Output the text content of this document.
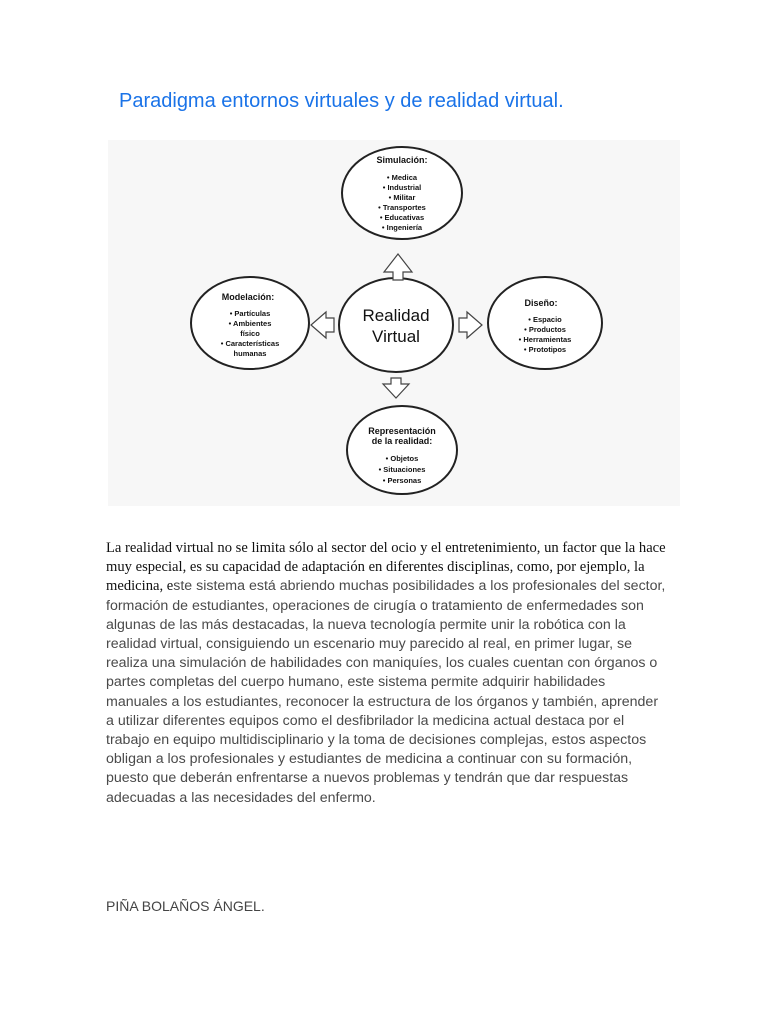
Paradigma entornos virtuales y de realidad virtual.
Realidad
Virtual
Simulación:
• Medica
• Industrial
• Militar
• Transportes
• Educativas
• Ingeniería
Modelación:
• Partículas
• Ambientes
físico
• Características
humanas
Diseño:
• Espacio
• Productos
• Herramientas
• Prototipos
Representación
de la realidad:
• Objetos
• Situaciones
• Personas

La realidad virtual no se limita sólo al sector del ocio y el entretenimiento, un factor que la hace muy especial, es su capacidad de adaptación en diferentes disciplinas, como, por ejemplo, la medicina, este sistema está abriendo muchas posibilidades a los profesionales del sector, formación de estudiantes, operaciones de cirugía o tratamiento de enfermedades son algunas de las más destacadas, la nueva tecnología permite unir la robótica con la realidad virtual, consiguiendo un escenario muy parecido al real, en primer lugar, se realiza una simulación de habilidades con maniquíes, los cuales cuentan con órganos o partes completas del cuerpo humano, este sistema permite adquirir habilidades manuales a los estudiantes, reconocer la estructura de los órganos y también, aprender a utilizar diferentes equipos como el desfibrilador la medicina actual destaca por el trabajo en equipo multidisciplinario y la toma de decisiones complejas, estos aspectos obligan a los profesionales y estudiantes de medicina a continuar con su formación, puesto que deberán enfrentarse a nuevos problemas y tendrán que dar respuestas adecuadas a las necesidades del enfermo.

PIÑA BOLAÑOS ÁNGEL.
